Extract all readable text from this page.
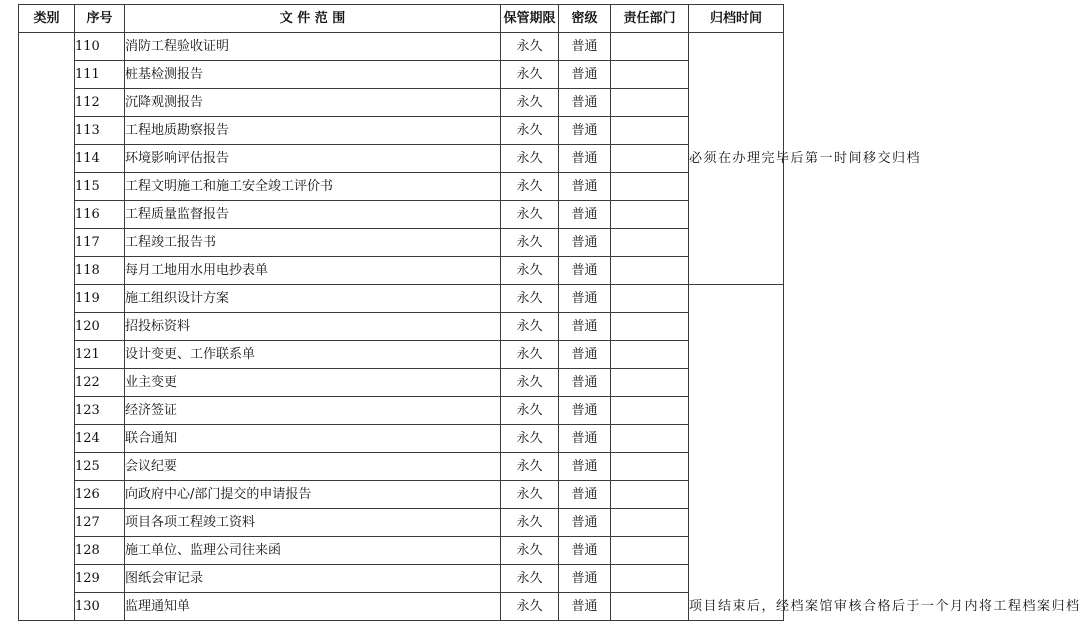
类别	序号	文 件 范 围	保管期限	密级	责任部门	归档时间
	110	消防工程验收证明	永久	普通		必须在办理完毕后第一时间移交归档
	111	桩基检测报告	永久	普通		
	112	沉降观测报告	永久	普通		
	113	工程地质勘察报告	永久	普通		
	114	环境影响评估报告	永久	普通		
	115	工程文明施工和施工安全竣工评价书	永久	普通		
	116	工程质量监督报告	永久	普通		
	117	工程竣工报告书	永久	普通		
	118	每月工地用水用电抄表单	永久	普通		
	119	施工组织设计方案	永久	普通		项目结束后，经档案馆审核合格后于一个月内将工程档案归档
	120	招投标资料	永久	普通		
	121	设计变更、工作联系单	永久	普通		
	122	业主变更	永久	普通		
	123	经济签证	永久	普通		
	124	联合通知	永久	普通		
	125	会议纪要	永久	普通		
	126	向政府中心/部门提交的申请报告	永久	普通		
	127	项目各项工程竣工资料	永久	普通		
	128	施工单位、监理公司往来函	永久	普通		
	129	图纸会审记录	永久	普通		
	130	监理通知单	永久	普通		
